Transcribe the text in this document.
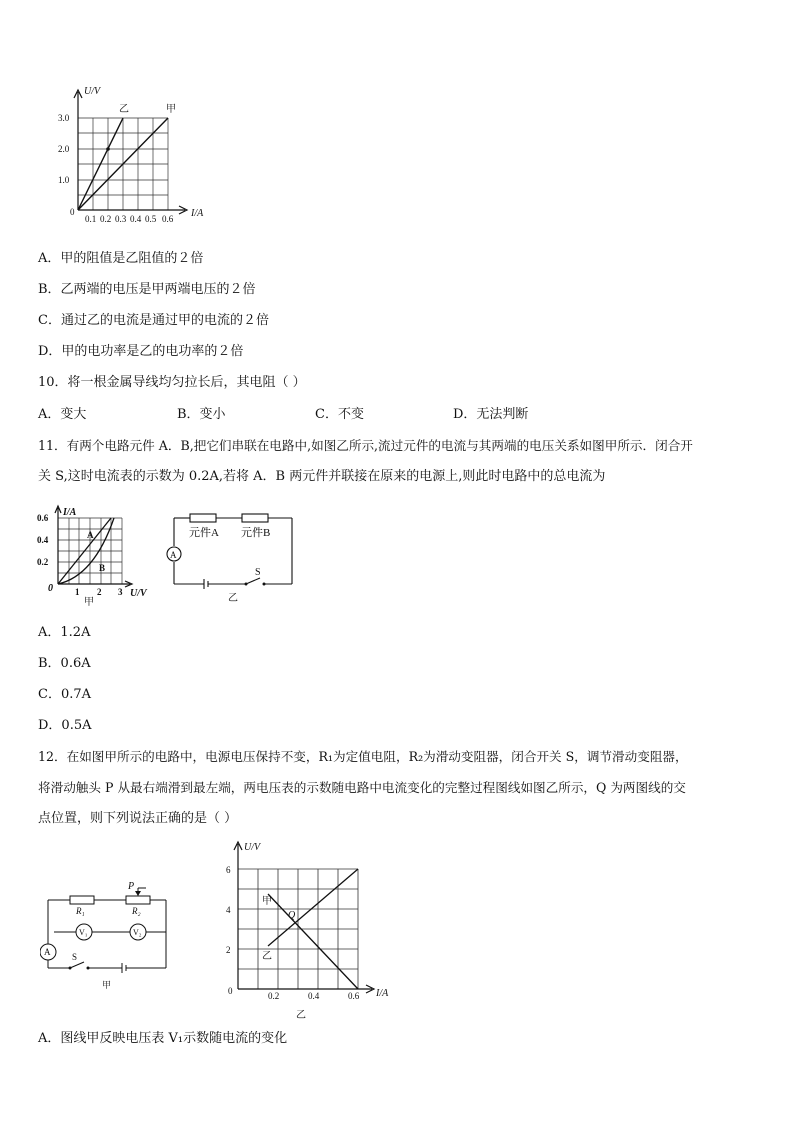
U/V
I/A
3.0
2.0
1.0
0
0.1 0.2 0.3 0.4 0.5 0.6
乙	甲
A．甲的阻值是乙阻值的２倍
B．乙两端的电压是甲两端电压的２倍
C．通过乙的电流是通过甲的电流的２倍
D．甲的电功率是乙的电功率的２倍
10．将一根金属导线均匀拉长后，其电阻（ ）
A．变大	B．变小	C．不变	D．无法判断
11．有两个电路元件 A．B,把它们串联在电路中,如图乙所示,流过元件的电流与其两端的电压关系如图甲所示．闭合开
关 S,这时电流表的示数为 0.2A,若将 A．B 两元件并联接在原来的电源上,则此时电路中的总电流为
I/A
U/V
0.6
0.4
0.2
0 1 2 3
A
B
甲
元件A 元件B
A
S
乙
A．1.2A
B．0.6A
C．0.7A
D．0.5A
12．在如图甲所示的电路中，电源电压保持不变，R₁为定值电阻，R₂为滑动变阻器，闭合开关 S，调节滑动变阻器，
将滑动触头 P 从最右端滑到最左端，两电压表的示数随电路中电流变化的完整过程图线如图乙所示，Q 为两图线的交
点位置，则下列说法正确的是（ ）
P
R₁	R₂
A
V₁	V₂
S
甲
U/V
I/A
6
4
2
0	0.2	0.4	0.6
甲
乙
Q
乙
A．图线甲反映电压表 V₁示数随电流的变化
